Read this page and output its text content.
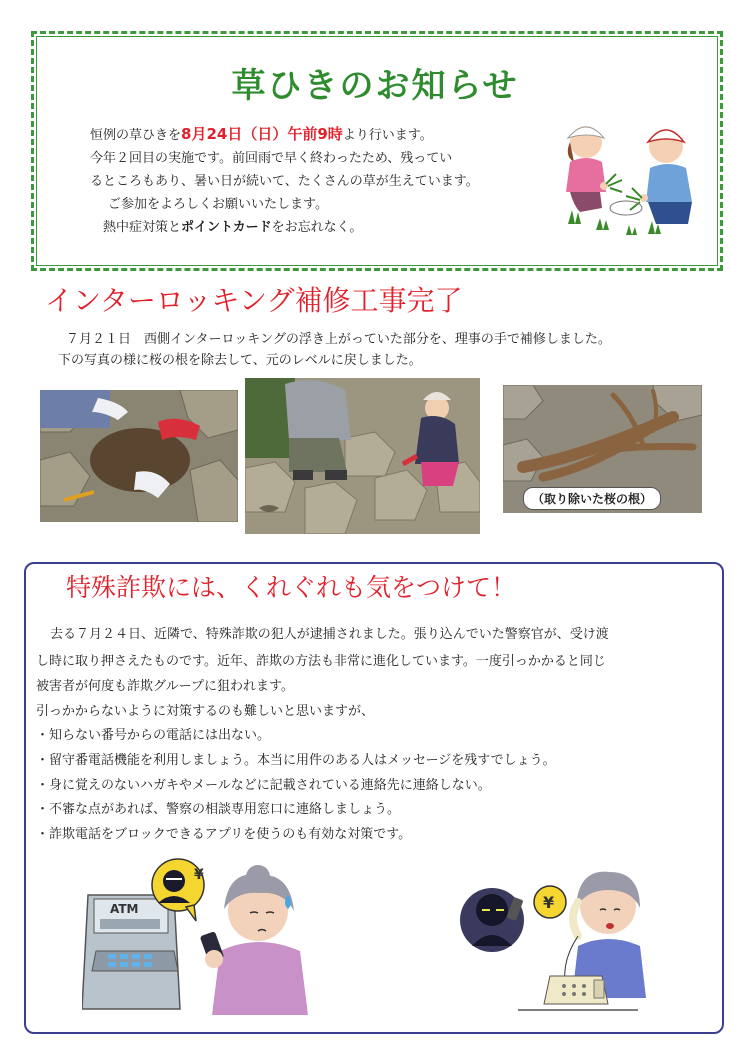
草ひきのお知らせ
恒例の草ひきを8月24日（日）午前9時より行います。
今年２回目の実施です。前回雨で早く終わったため、残ってい
るところもあり、暑い日が続いて、たくさんの草が生えています。
ご参加をよろしくお願いいたします。
熱中症対策とポイントカードをお忘れなく。
インターロッキング補修工事完了
７月２１日　西側インターロッキングの浮き上がっていた部分を、理事の手で補修しました。
下の写真の様に桜の根を除去して、元のレベルに戻しました。
（取り除いた桜の根）
特殊詐欺には、くれぐれも気をつけて！
去る７月２４日、近隣で、特殊詐欺の犯人が逮捕されました。張り込んでいた警察官が、受け渡
し時に取り押さえたものです。近年、詐欺の方法も非常に進化しています。一度引っかかると同じ
被害者が何度も詐欺グループに狙われます。
引っかからないように対策するのも難しいと思いますが、
・知らない番号からの電話には出ない。
・留守番電話機能を利用しましょう。本当に用件のある人はメッセージを残すでしょう。
・身に覚えのないハガキやメールなどに記載されている連絡先に連絡しない。
・不審な点があれば、警察の相談専用窓口に連絡しましょう。
・詐欺電話をブロックできるアプリを使うのも有効な対策です。
ATM
¥
¥
